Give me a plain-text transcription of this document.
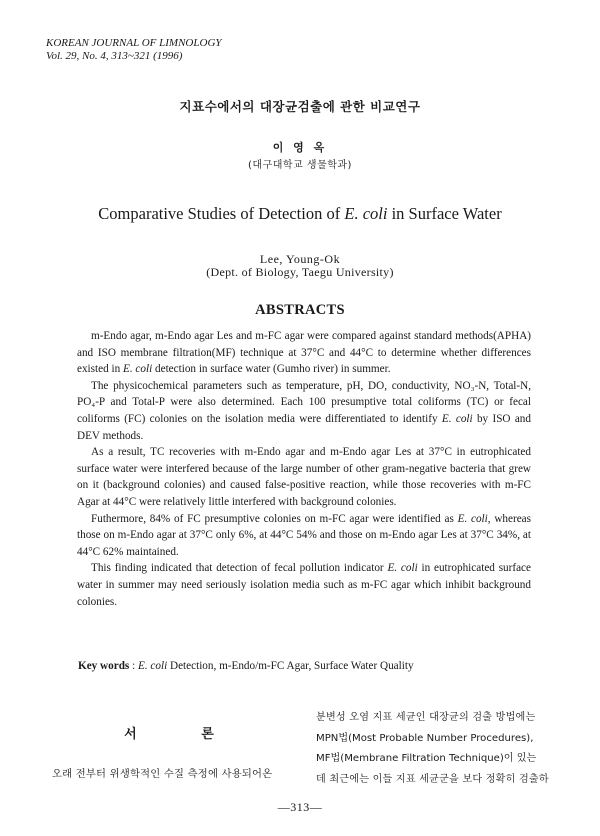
KOREAN JOURNAL OF LIMNOLOGY
Vol. 29, No. 4, 313~321 (1996)
지표수에서의 대장균검출에 관한 비교연구
이 영 옥
(대구대학교 생물학과)
Comparative Studies of Detection of E. coli in Surface Water
Lee, Young-Ok
(Dept. of Biology, Taegu University)
ABSTRACTS

m-Endo agar, m-Endo agar Les and m-FC agar were compared against standard methods(APHA) and ISO membrane filtration(MF) technique at 37°C and 44°C to determine whether differences existed in E. coli detection in surface water (Gumho river) in summer.

The physicochemical parameters such as temperature, pH, DO, conductivity, NO₃-N, Total-N, PO₄-P and Total-P were also determined. Each 100 presumptive total coliforms (TC) or fecal coliforms (FC) colonies on the isolation media were differentiated to identify E. coli by ISO and DEV methods.

As a result, TC recoveries with m-Endo agar and m-Endo agar Les at 37°C in eutrophicated surface water were interfered because of the large number of other gram-negative bacteria that grew on it (background colonies) and caused false-positive reaction, while those recoveries with m-FC Agar at 44°C were relatively little interfered with background colonies.

Futhermore, 84% of FC presumptive colonies on m-FC agar were identified as E. coli, whereas those on m-Endo agar at 37°C only 6%, at 44°C 54% and those on m-Endo agar Les at 37°C 34%, at 44°C 62% maintained.

This finding indicated that detection of fecal pollution indicator E. coli in eutrophicated surface water in summer may need seriously isolation media such as m-FC agar which inhibit background colonies.

Key words : E. coli Detection, m-Endo/m-FC Agar, Surface Water Quality
서 론
오래 전부터 위생학적인 수질 측정에 사용되어온
분변성 오염 지표 세균인 대장균의 검출 방법에는
MPN법(Most Probable Number Procedures),
MF법(Membrane Filtration Technique)이 있는
데 최근에는 이들 지표 세균군을 보다 정확히 검출하
—313—
